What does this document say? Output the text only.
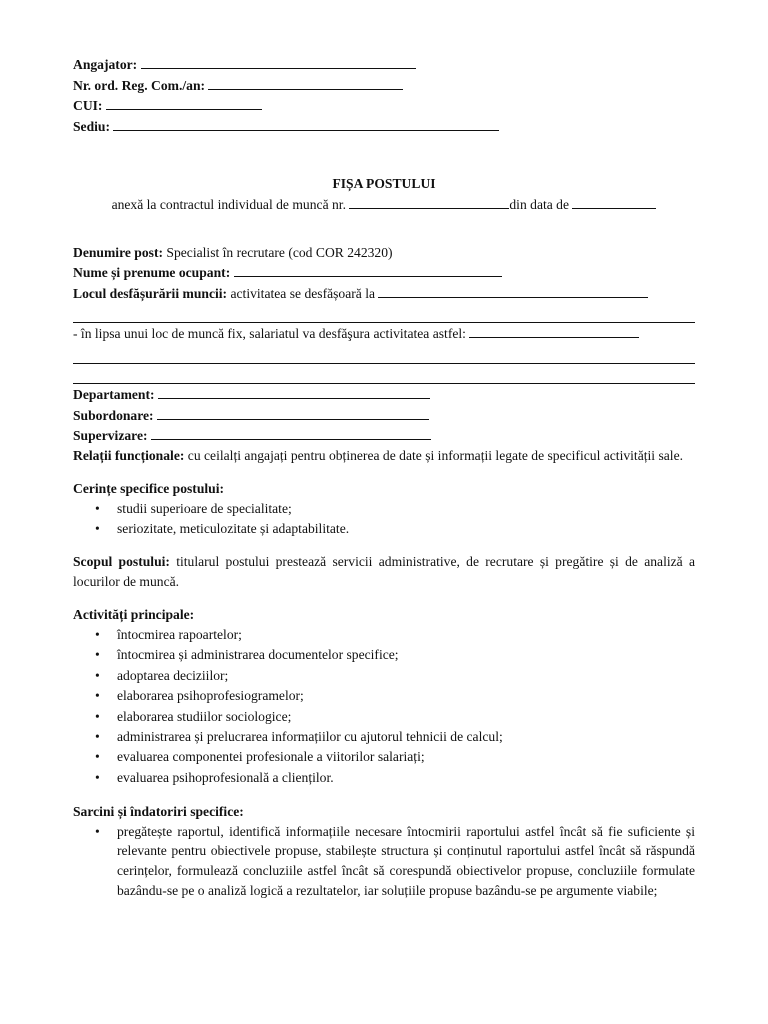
Angajator:
Nr. ord. Reg. Com./an:
CUI:
Sediu:
FIȘA POSTULUI
anexă la contractul individual de muncă nr.	din data de
Denumire post: Specialist în recrutare (cod COR 242320)
Nume și prenume ocupant:
Locul desfășurării muncii: activitatea se desfășoară la
- în lipsa unui loc de muncă fix, salariatul va desfăşura activitatea astfel:
Departament:
Subordonare:
Supervizare:
Relații funcționale: cu ceilalți angajați pentru obținerea de date și informații legate de specificul activității sale.
Cerințe specifice postului:
• studii superioare de specialitate;
• seriozitate, meticulozitate și adaptabilitate.
Scopul postului: titularul postului prestează servicii administrative, de recrutare și pregătire și de analiză a locurilor de muncă.
Activități principale:
• întocmirea rapoartelor;
• întocmirea și administrarea documentelor specifice;
• adoptarea deciziilor;
• elaborarea psihoprofesiogramelor;
• elaborarea studiilor sociologice;
• administrarea și prelucrarea informațiilor cu ajutorul tehnicii de calcul;
• evaluarea componentei profesionale a viitorilor salariați;
• evaluarea psihoprofesională a clienților.
Sarcini și îndatoriri specifice:
• pregătește raportul, identifică informațiile necesare întocmirii raportului astfel încât să fie suficiente și relevante pentru obiectivele propuse, stabilește structura și conținutul raportului astfel încât să răspundă cerințelor, formulează concluziile astfel încât să corespundă obiectivelor propuse, concluziile formulate bazându-se pe o analiză logică a rezultatelor, iar soluțiile propuse bazându-se pe argumente viabile;
